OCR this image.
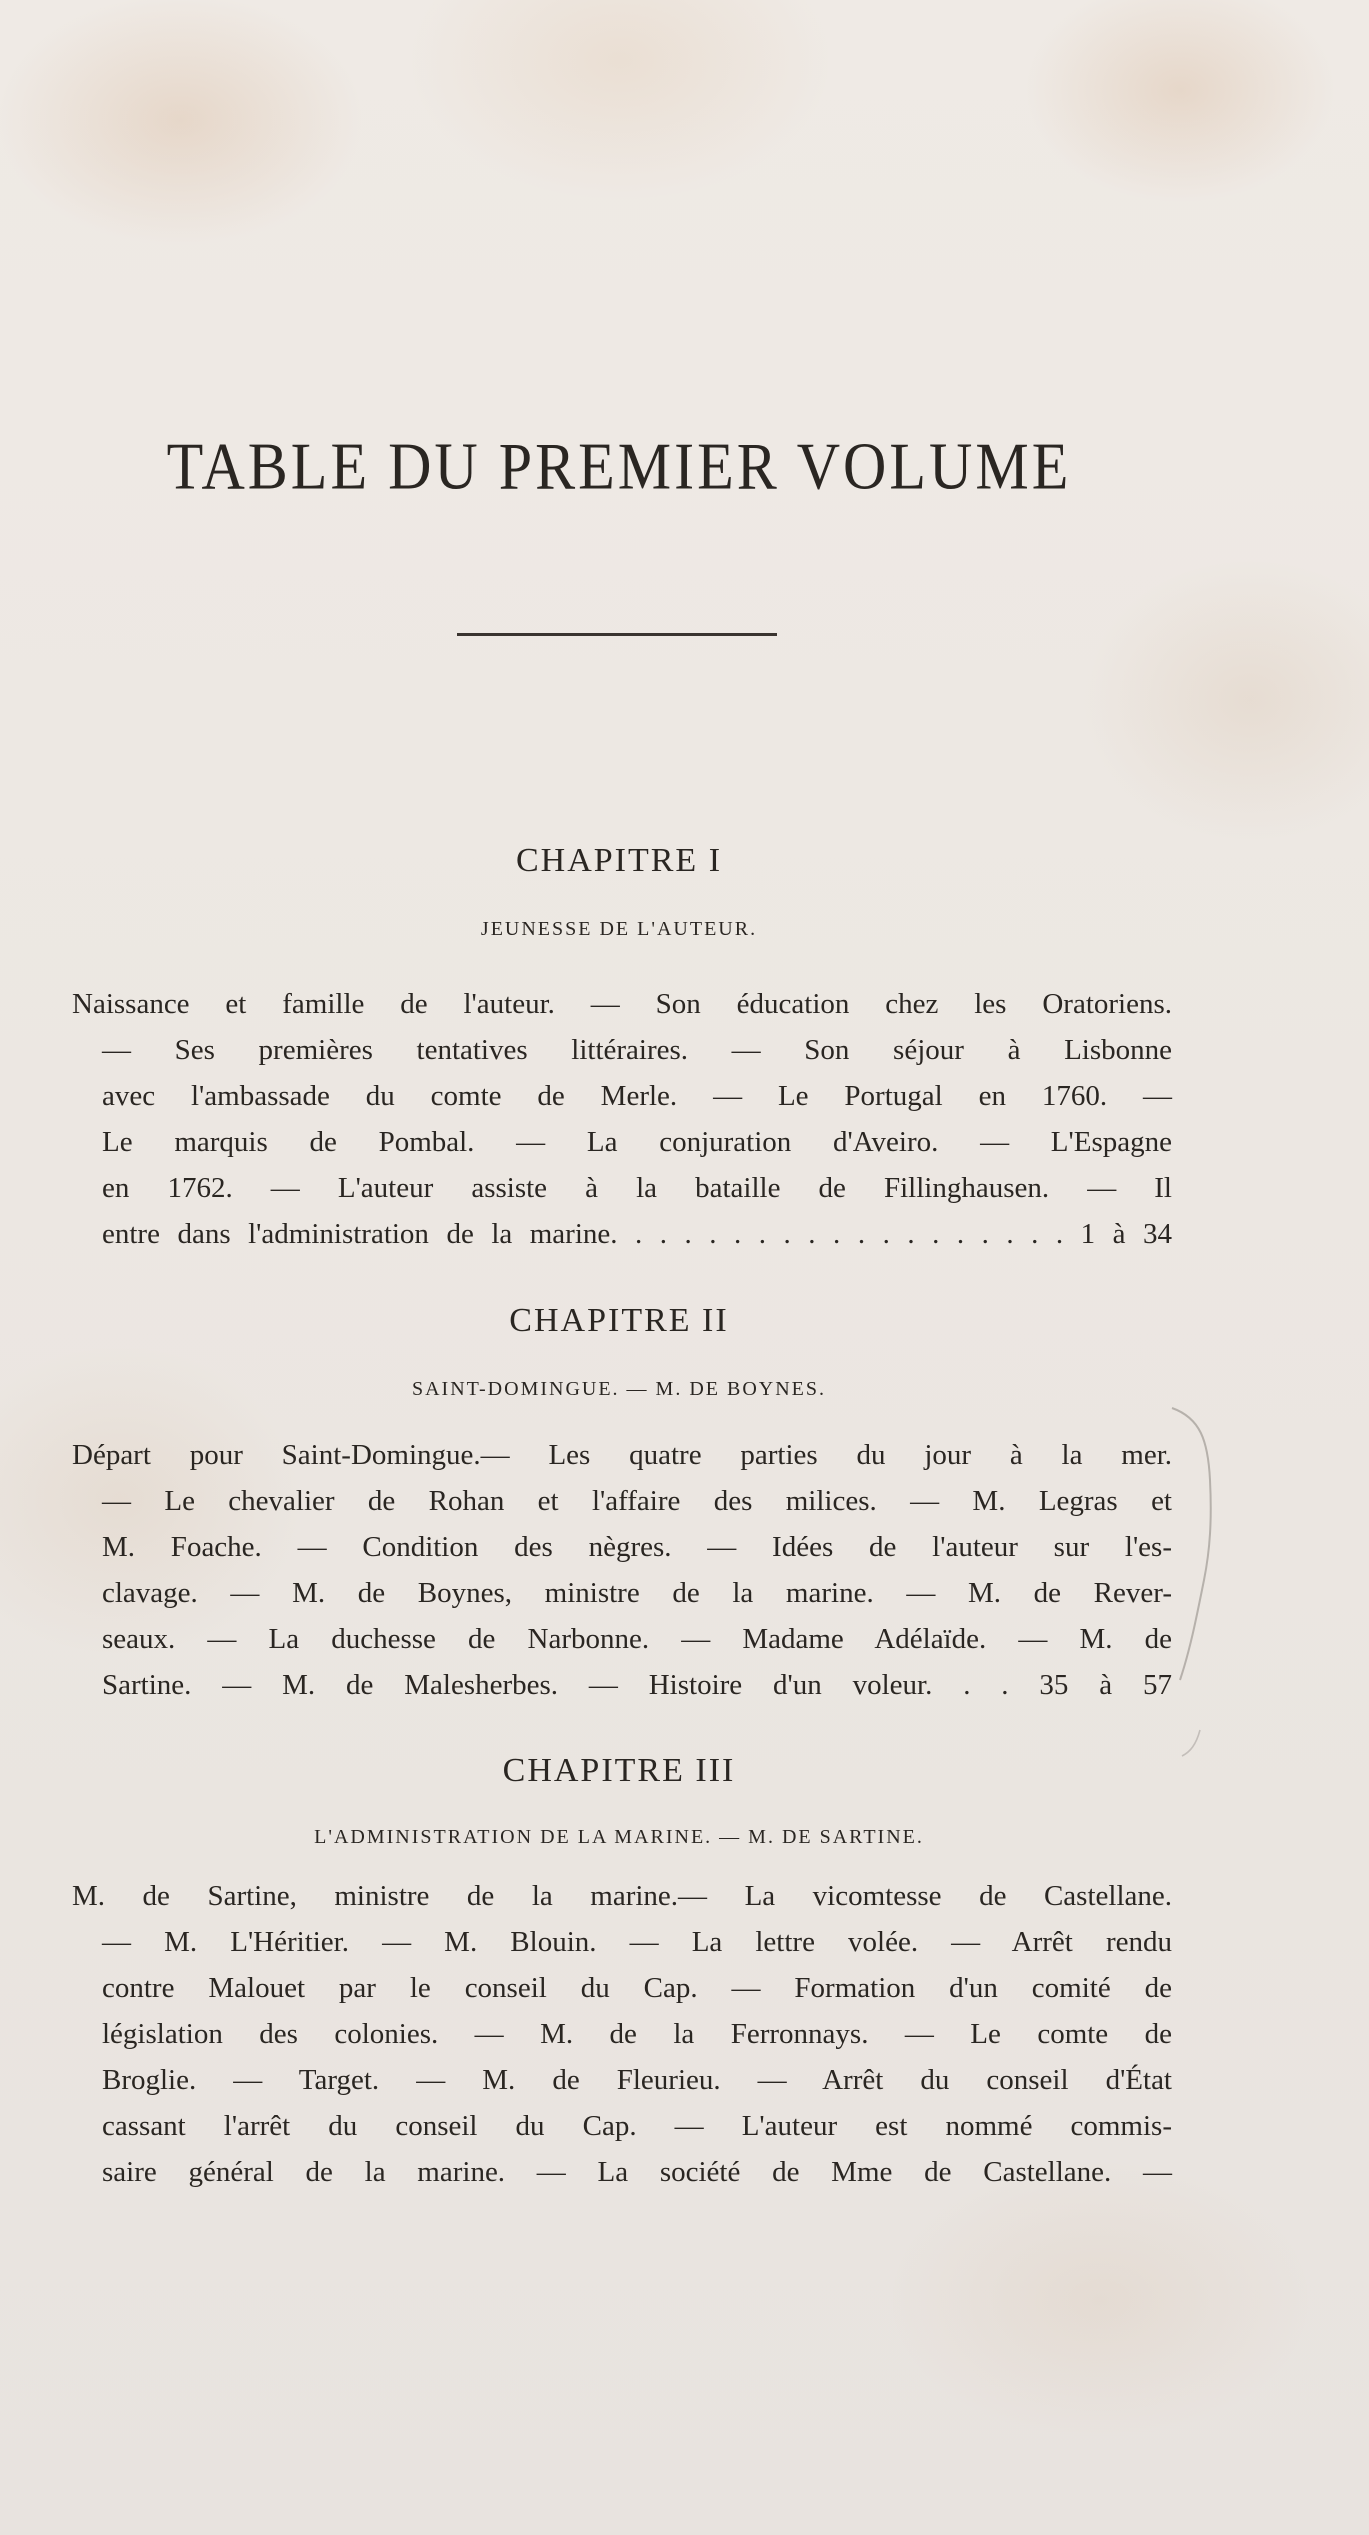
TABLE DU PREMIER VOLUME
CHAPITRE I
JEUNESSE DE L'AUTEUR.
Naissance et famille de l'auteur. — Son éducation chez les Oratoriens.
— Ses premières tentatives littéraires. — Son séjour à Lisbonne
avec l'ambassade du comte de Merle. — Le Portugal en 1760. —
Le marquis de Pombal. — La conjuration d'Aveiro. — L'Espagne
en 1762. — L'auteur assiste à la bataille de Fillinghausen. — Il
entre dans l'administration de la marine. . . . . . . . . . . . . . . . . . . 1 à 34
CHAPITRE II
SAINT-DOMINGUE. — M. DE BOYNES.
Départ pour Saint-Domingue.— Les quatre parties du jour à la mer.
— Le chevalier de Rohan et l'affaire des milices. — M. Legras et
M. Foache. — Condition des nègres. — Idées de l'auteur sur l'es-
clavage. — M. de Boynes, ministre de la marine. — M. de Rever-
seaux. — La duchesse de Narbonne. — Madame Adélaïde. — M. de
Sartine. — M. de Malesherbes. — Histoire d'un voleur. . . 35 à 57
CHAPITRE III
L'ADMINISTRATION DE LA MARINE. — M. DE SARTINE.
M. de Sartine, ministre de la marine.— La vicomtesse de Castellane.
— M. L'Héritier. — M. Blouin. — La lettre volée. — Arrêt rendu
contre Malouet par le conseil du Cap. — Formation d'un comité de
législation des colonies. — M. de la Ferronnays. — Le comte de
Broglie. — Target. — M. de Fleurieu. — Arrêt du conseil d'État
cassant l'arrêt du conseil du Cap. — L'auteur est nommé commis-
saire général de la marine. — La société de Mme de Castellane. —
